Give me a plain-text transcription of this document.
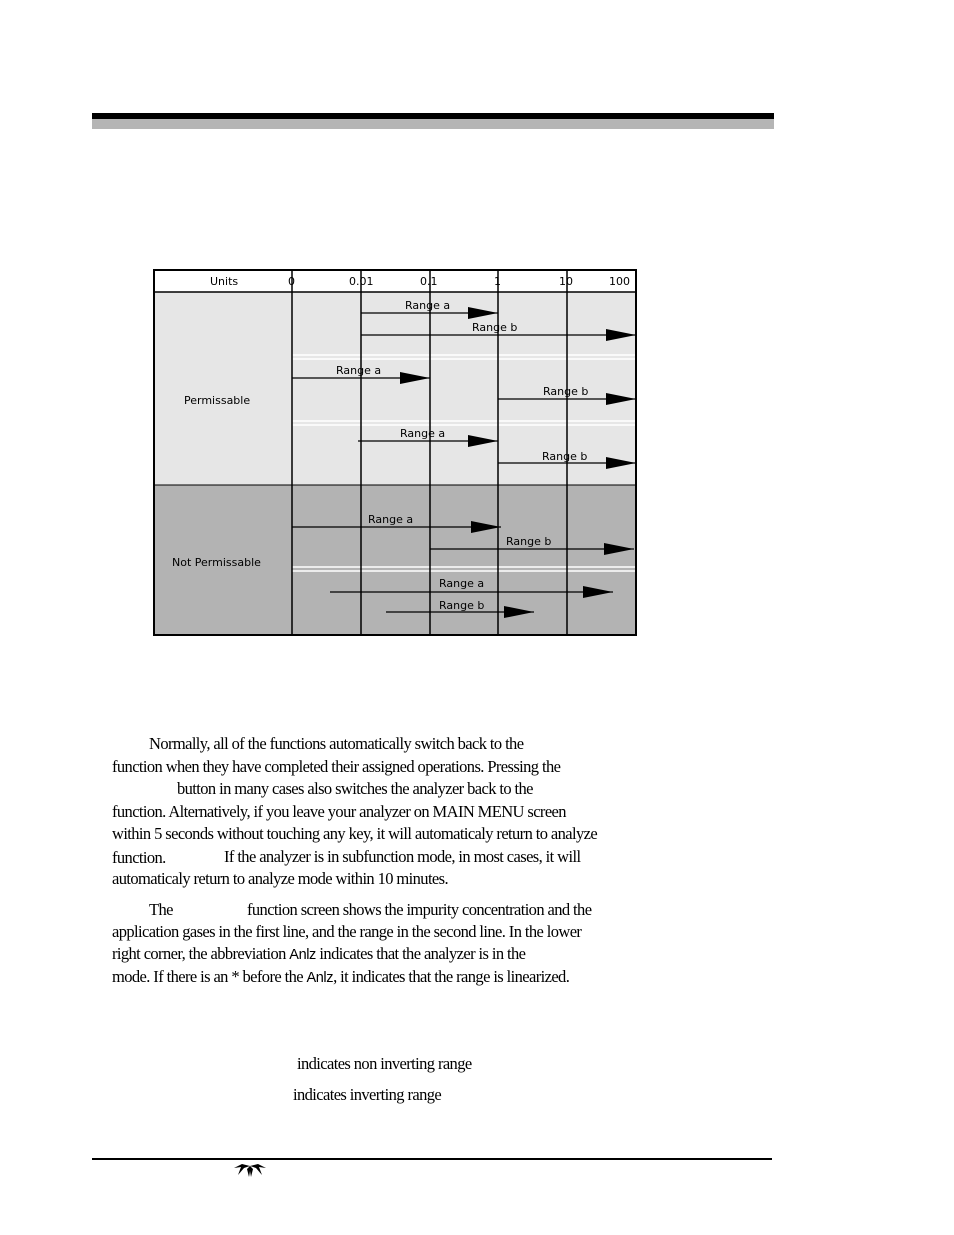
Units	0	0.01	0.1	1	10	100
Permissable
Not Permissable
Range a
Range b
Range a
Range b
Range a
Range b
Range a
Range b
Range a
Range b
Normally, all of the functions automatically switch back to the
function when they have completed their assigned operations. Pressing the
button in many cases also switches the analyzer back to the
function. Alternatively, if you leave your analyzer on MAIN MENU screen
within 5 seconds without touching any key, it will automaticaly return to analyze
function.	If the analyzer is in subfunction mode, in most cases, it will
automaticaly return to analyze mode within 10 minutes.
The	function screen shows the impurity concentration and the
application gases in the first line, and the range in the second line. In the lower
right corner, the abbreviation Anlz indicates that the analyzer is in the
mode. If there is an * before the Anlz, it indicates that the range is linearized.
indicates non inverting range
indicates inverting range
